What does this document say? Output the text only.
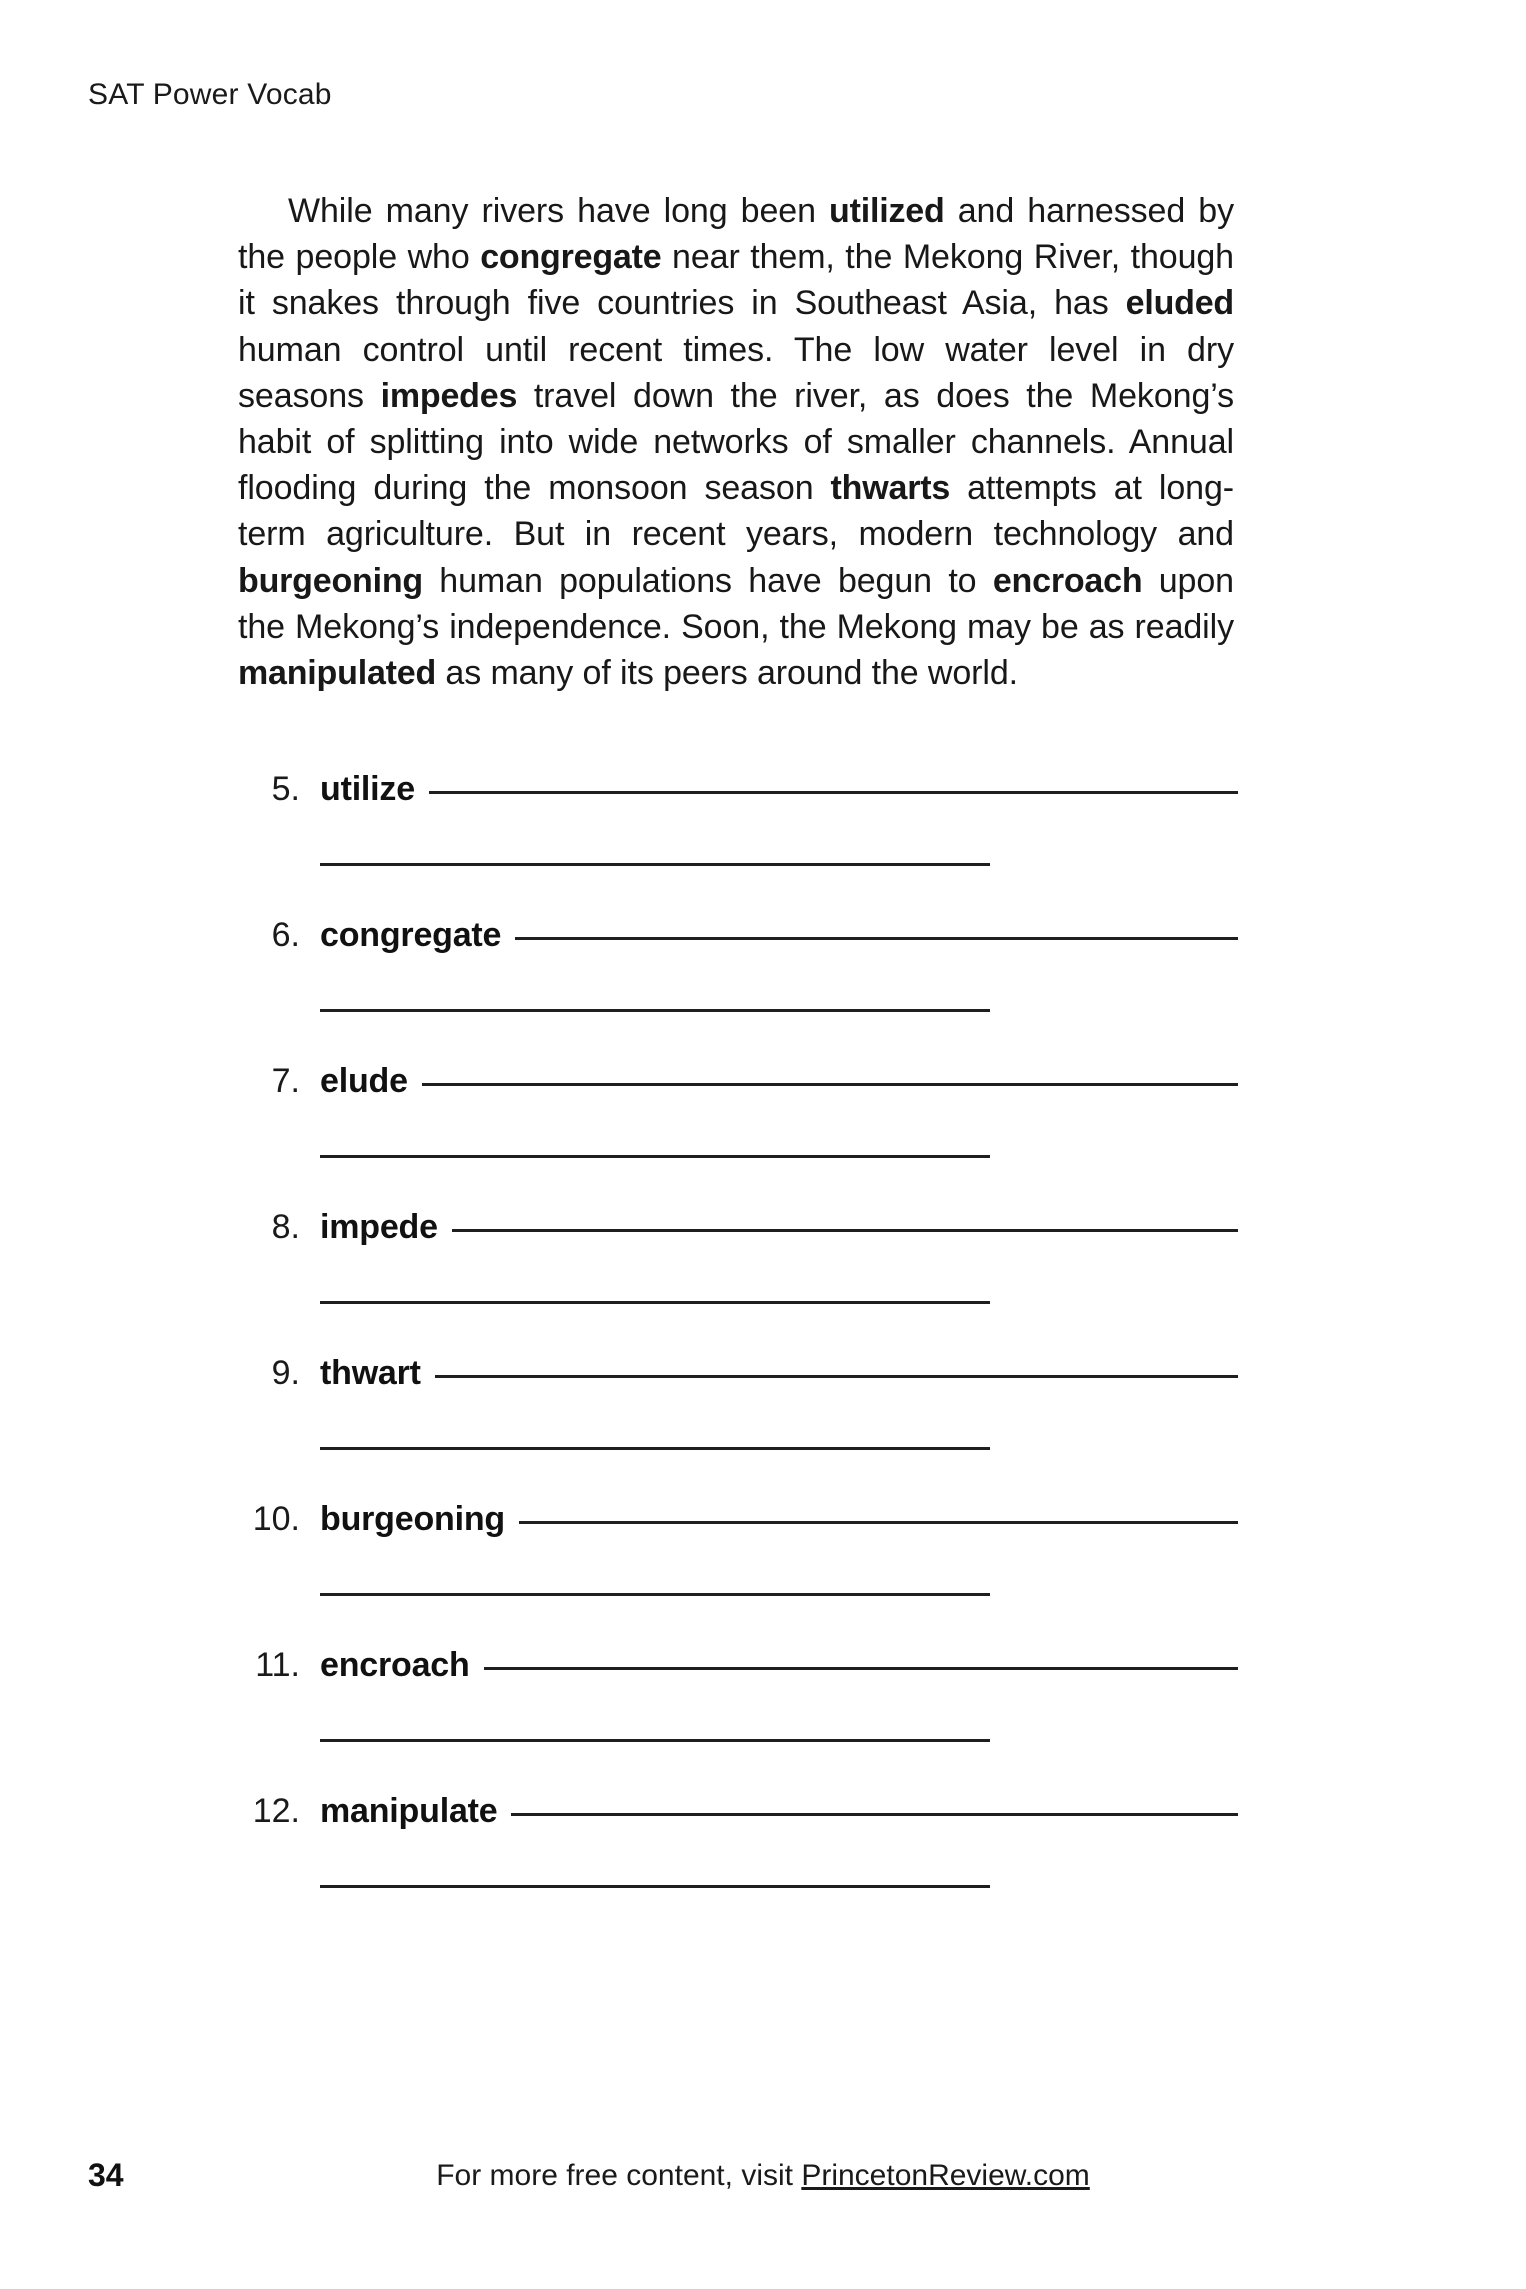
SAT Power Vocab
While many rivers have long been utilized and harnessed by the people who congregate near them, the Mekong River, though it snakes through five countries in Southeast Asia, has eluded human control until recent times. The low water level in dry seasons impedes travel down the river, as does the Mekong’s habit of splitting into wide networks of smaller channels. Annual flooding during the monsoon season thwarts attempts at long-term agriculture. But in recent years, modern technology and burgeoning human populations have begun to encroach upon the Mekong’s independence. Soon, the Mekong may be as readily manipulated as many of its peers around the world.
5. utilize
6. congregate
7. elude
8. impede
9. thwart
10. burgeoning
11. encroach
12. manipulate
34	For more free content, visit PrincetonReview.com
